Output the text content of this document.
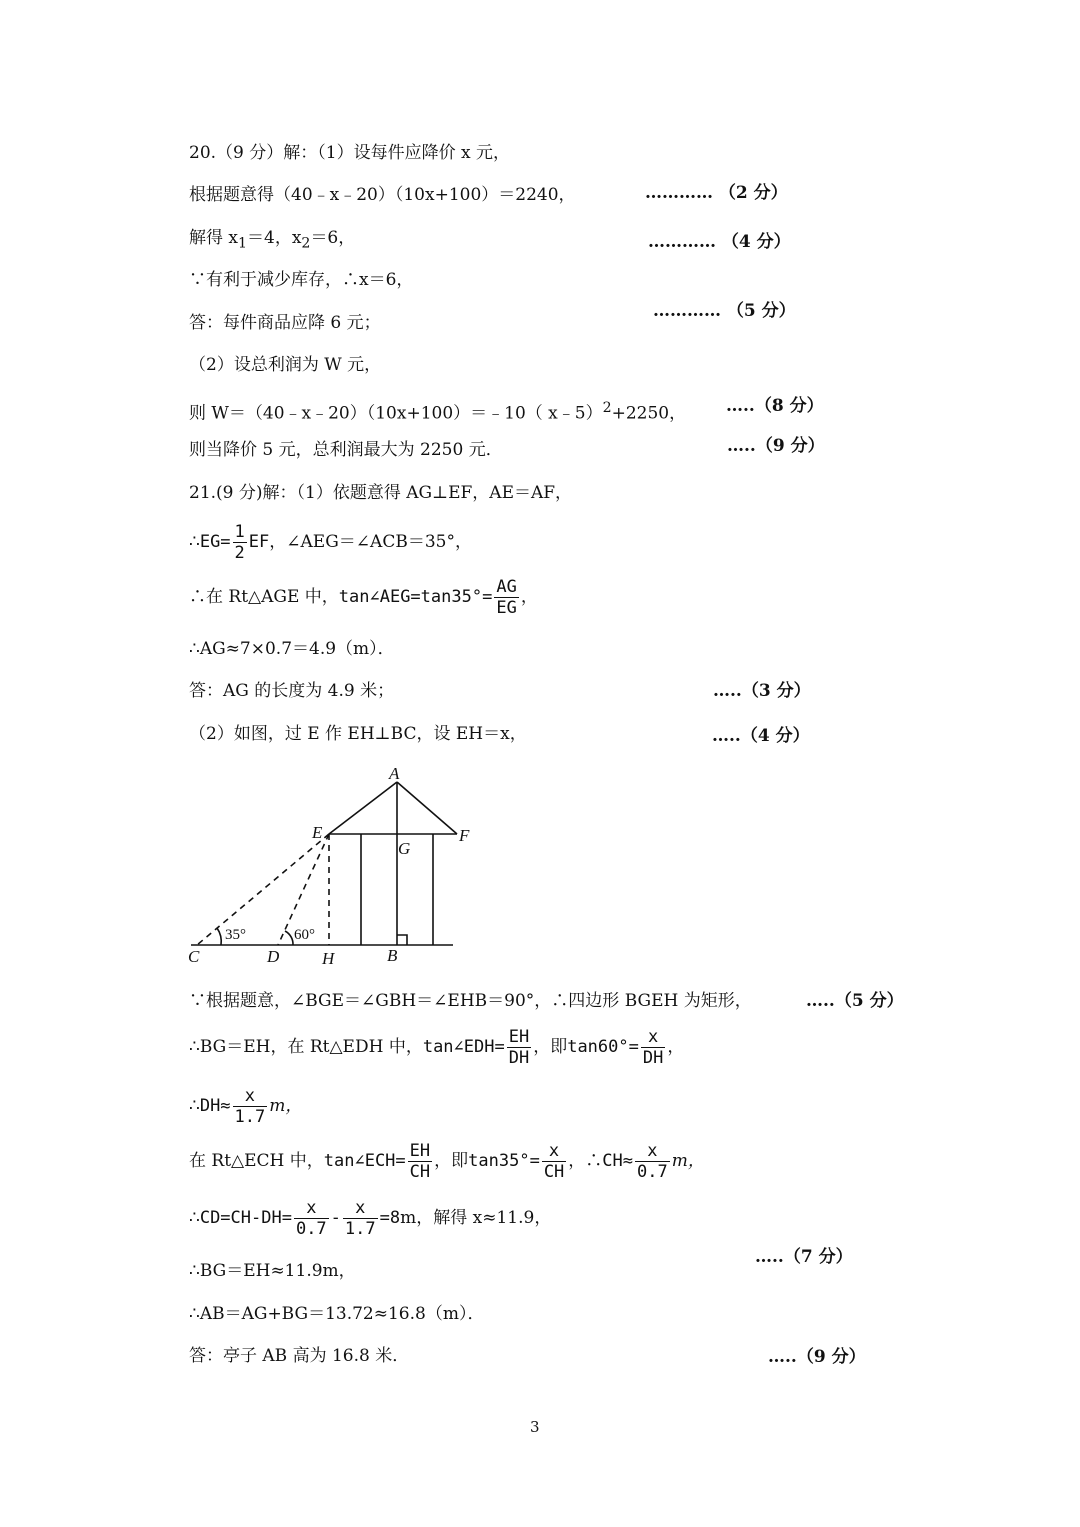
20.（9 分）解：（1）设每件应降价 x 元，
根据题意得（40﹣x﹣20）（10x+100）＝2240，	………… （2 分）
解得 $x_1=4$，$x_2=6$，	………… （4 分）
∵有利于减少库存，∴x＝6，
答：每件商品应降 6 元；
………… （5 分）
（2）设总利润为 W 元，
则 W＝（40﹣x﹣20）（10x+100）＝﹣10（ x﹣5）$^2$+2250， …..（8 分）
则当降价 5 元，总利润最大为 2250 元．	…..（9 分）
21.(9 分)解：（1）依题意得 AG⊥EF，AE＝AF，
∴EG= $\frac{1}{2}$ EF，∠AEG＝∠ACB＝35°，
∴在 Rt△AGE 中，tan∠AEG=tan35°= $\frac{AG}{EG}$ ，
∴AG≈7×0.7＝4.9（m）．
答：AG 的长度为 4.9 米；	…..（3 分）
（2）如图，过 E 作 EH⊥BC，设 EH＝x，	…..（4 分）
A
E	F
G
C	D	H	B
35°	60°
∵根据题意，∠BGE＝∠GBH＝∠EHB＝90°，∴四边形 BGEH 为矩形，	…..（5 分）
∴BG＝EH，在 Rt△EDH 中，tan∠EDH= $\frac{EH}{DH}$ ，即$\tan 60^\circ= \frac{x}{DH}$ ，
∴DH≈ $\frac{x}{1.7}$ m，
在 Rt△ECH 中，tan∠ECH= $\frac{EH}{CH}$ ，即$\tan 35^\circ= \frac{x}{CH}$ ，∴CH≈ $\frac{x}{0.7}$ m，
∴CD=CH-DH= $\frac{x}{0.7} - \frac{x}{1.7} =8m$，解得 x≈11.9，
…..（7 分）
∴BG＝EH≈11.9m，
∴AB＝AG+BG＝13.72≈16.8（m）．
答：亭子 AB 高为 16.8 米．	…..（9 分）
3
